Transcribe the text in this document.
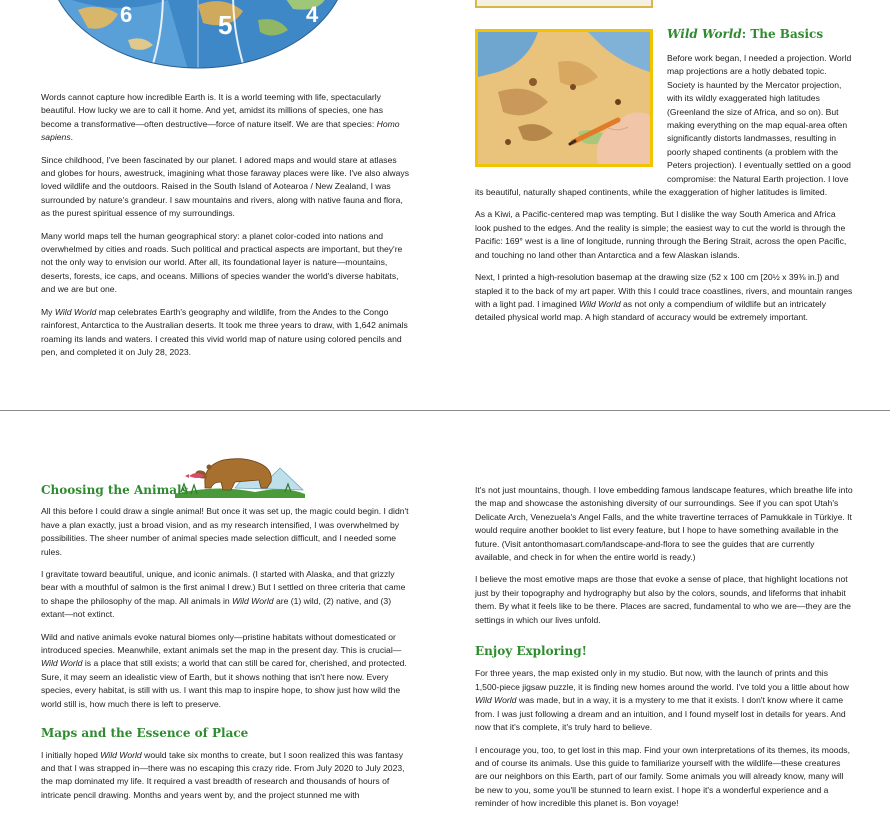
6	5	4

Words cannot capture how incredible Earth is. It is a world teeming with life, spectacularly beautiful. How lucky we are to call it home. And yet, amidst its millions of species, one has become a transformative—often destructive—force of nature itself. We are that species: Homo sapiens.

Since childhood, I've been fascinated by our planet. I adored maps and would stare at atlases and globes for hours, awestruck, imagining what those faraway places were like. I've also always loved wildlife and the outdoors. Raised in the South Island of Aotearoa / New Zealand, I was surrounded by nature's grandeur. I saw mountains and rivers, along with native fauna and flora, as the purest spiritual essence of my surroundings.

Many world maps tell the human geographical story: a planet color-coded into nations and overwhelmed by cities and roads. Such political and practical aspects are important, but they're not the only way to envision our world. After all, its foundational layer is nature—mountains, deserts, forests, ice caps, and oceans. Millions of species wander the world's diverse habitats, and we are but one.

My Wild World map celebrates Earth's geography and wildlife, from the Andes to the Congo rainforest, Antarctica to the Australian deserts. It took me three years to draw, with 1,642 animals roaming its lands and waters. I created this vivid world map of nature using colored pencils and pen, and completed it on July 28, 2023.

Wild World: The Basics

Before work began, I needed a projection. World map projections are a hotly debated topic. Society is haunted by the Mercator projection, with its wildly exaggerated high latitudes (Greenland the size of Africa, and so on). But making everything on the map equal-area often significantly distorts landmasses, resulting in poorly shaped continents (a problem with the Peters projection). I eventually settled on a good compromise: the Natural Earth projection. I love its beautiful, naturally shaped continents, while the exaggeration of higher latitudes is limited.

As a Kiwi, a Pacific-centered map was tempting. But I dislike the way South America and Africa look pushed to the edges. And the reality is simple; the easiest way to cut the world is through the Pacific: 169° west is a line of longitude, running through the Bering Strait, across the open Pacific, and touching no land other than Antarctica and a few Alaskan islands.

Next, I printed a high-resolution basemap at the drawing size (52 x 100 cm [20½ x 39⅜ in.]) and stapled it to the back of my art paper. With this I could trace coastlines, rivers, and mountain ranges with a light pad. I imagined Wild World as not only a compendium of wildlife but an intricately detailed physical world map. A high standard of accuracy would be extremely important.

Choosing the Animals

All this before I could draw a single animal! But once it was set up, the magic could begin. I didn't have a plan exactly, just a broad vision, and as my research intensified, I was overwhelmed by possibilities. The sheer number of animal species made selection difficult, and I needed some rules.

I gravitate toward beautiful, unique, and iconic animals. (I started with Alaska, and that grizzly bear with a mouthful of salmon is the first animal I drew.) But I settled on three criteria that came to shape the philosophy of the map. All animals in Wild World are (1) wild, (2) native, and (3) extant—not extinct.

Wild and native animals evoke natural biomes only—pristine habitats without domesticated or introduced species. Meanwhile, extant animals set the map in the present day. This is crucial—Wild World is a place that still exists; a world that can still be cared for, cherished, and protected. Sure, it may seem an idealistic view of Earth, but it shows nothing that isn't here now. Every species, every habitat, is still with us. I want this map to inspire hope, to show just how wild the world still is, how much there is left to preserve.

Maps and the Essence of Place

I initially hoped Wild World would take six months to create, but I soon realized this was fantasy and that I was strapped in—there was no escaping this crazy ride. From July 2020 to July 2023, the map dominated my life. It required a vast breadth of research and thousands of hours of intricate pencil drawing. Months and years went by, and the project stunned me with

It's not just mountains, though. I love embedding famous landscape features, which breathe life into the map and showcase the astonishing diversity of our surroundings. See if you can spot Utah's Delicate Arch, Venezuela's Angel Falls, and the white travertine terraces of Pamukkale in Türkiye. It would require another booklet to list every feature, but I hope to have something available in the future. (Visit antonthomasart.com/landscape-and-flora to see the guides that are currently available, and check in for when the entire world is ready.)

I believe the most emotive maps are those that evoke a sense of place, that highlight locations not just by their topography and hydrography but also by the colors, sounds, and lifeforms that inhabit them. By what it feels like to be there. Places are sacred, fundamental to who we are—they are the settings in which our lives unfold.

Enjoy Exploring!

For three years, the map existed only in my studio. But now, with the launch of prints and this 1,500-piece jigsaw puzzle, it is finding new homes around the world. I've told you a little about how Wild World was made, but in a way, it is a mystery to me that it exists. I don't know where it came from. I was just following a dream and an intuition, and I found myself lost in details for years. And now that it's complete, it's truly hard to believe.

I encourage you, too, to get lost in this map. Find your own interpretations of its themes, its moods, and of course its animals. Use this guide to familiarize yourself with the wildlife—these creatures are our neighbors on this Earth, part of our family. Some animals you will already know, many will be new to you, some you'll be stunned to learn exist. I hope it's a wonderful experience and a reminder of how incredible this planet is. Bon voyage!
